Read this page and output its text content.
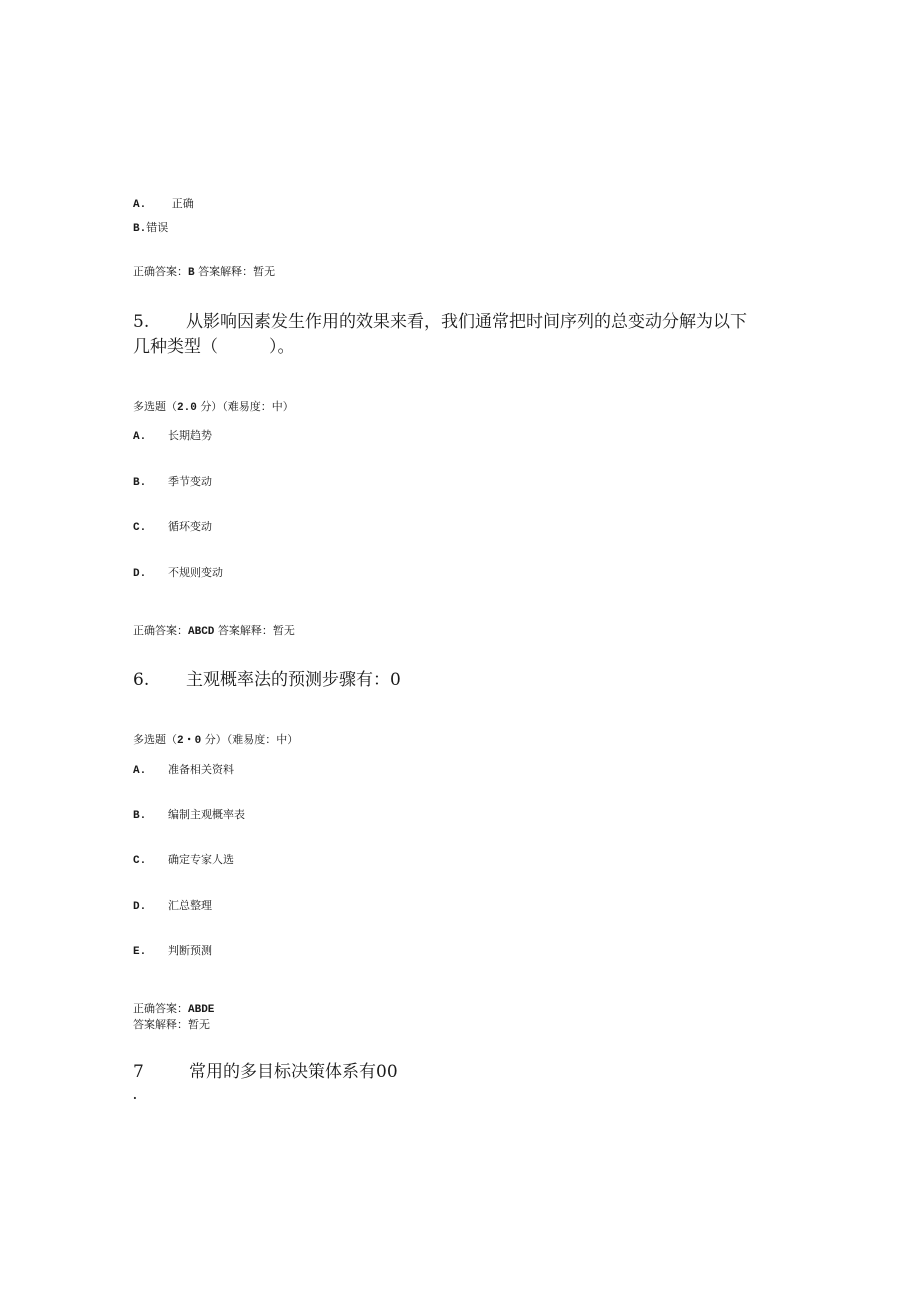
A. 正确
B.错误
正确答案：B 答案解释：暂无
5. 从影响因素发生作用的效果来看，我们通常把时间序列的总变动分解为以下
几种类型（　　　）。
多选题（2.0 分）（难易度：中）
A. 长期趋势
B. 季节变动
C. 循环变动
D. 不规则变动
正确答案：ABCD 答案解释：暂无
6. 主观概率法的预测步骤有：0
多选题（2・0 分）（难易度：中）
A. 准备相关资料
B. 编制主观概率表
C. 确定专家人选
D. 汇总整理
E. 判断预测
正确答案：ABDE
答案解释：暂无
7	常用的多目标决策体系有00
.
